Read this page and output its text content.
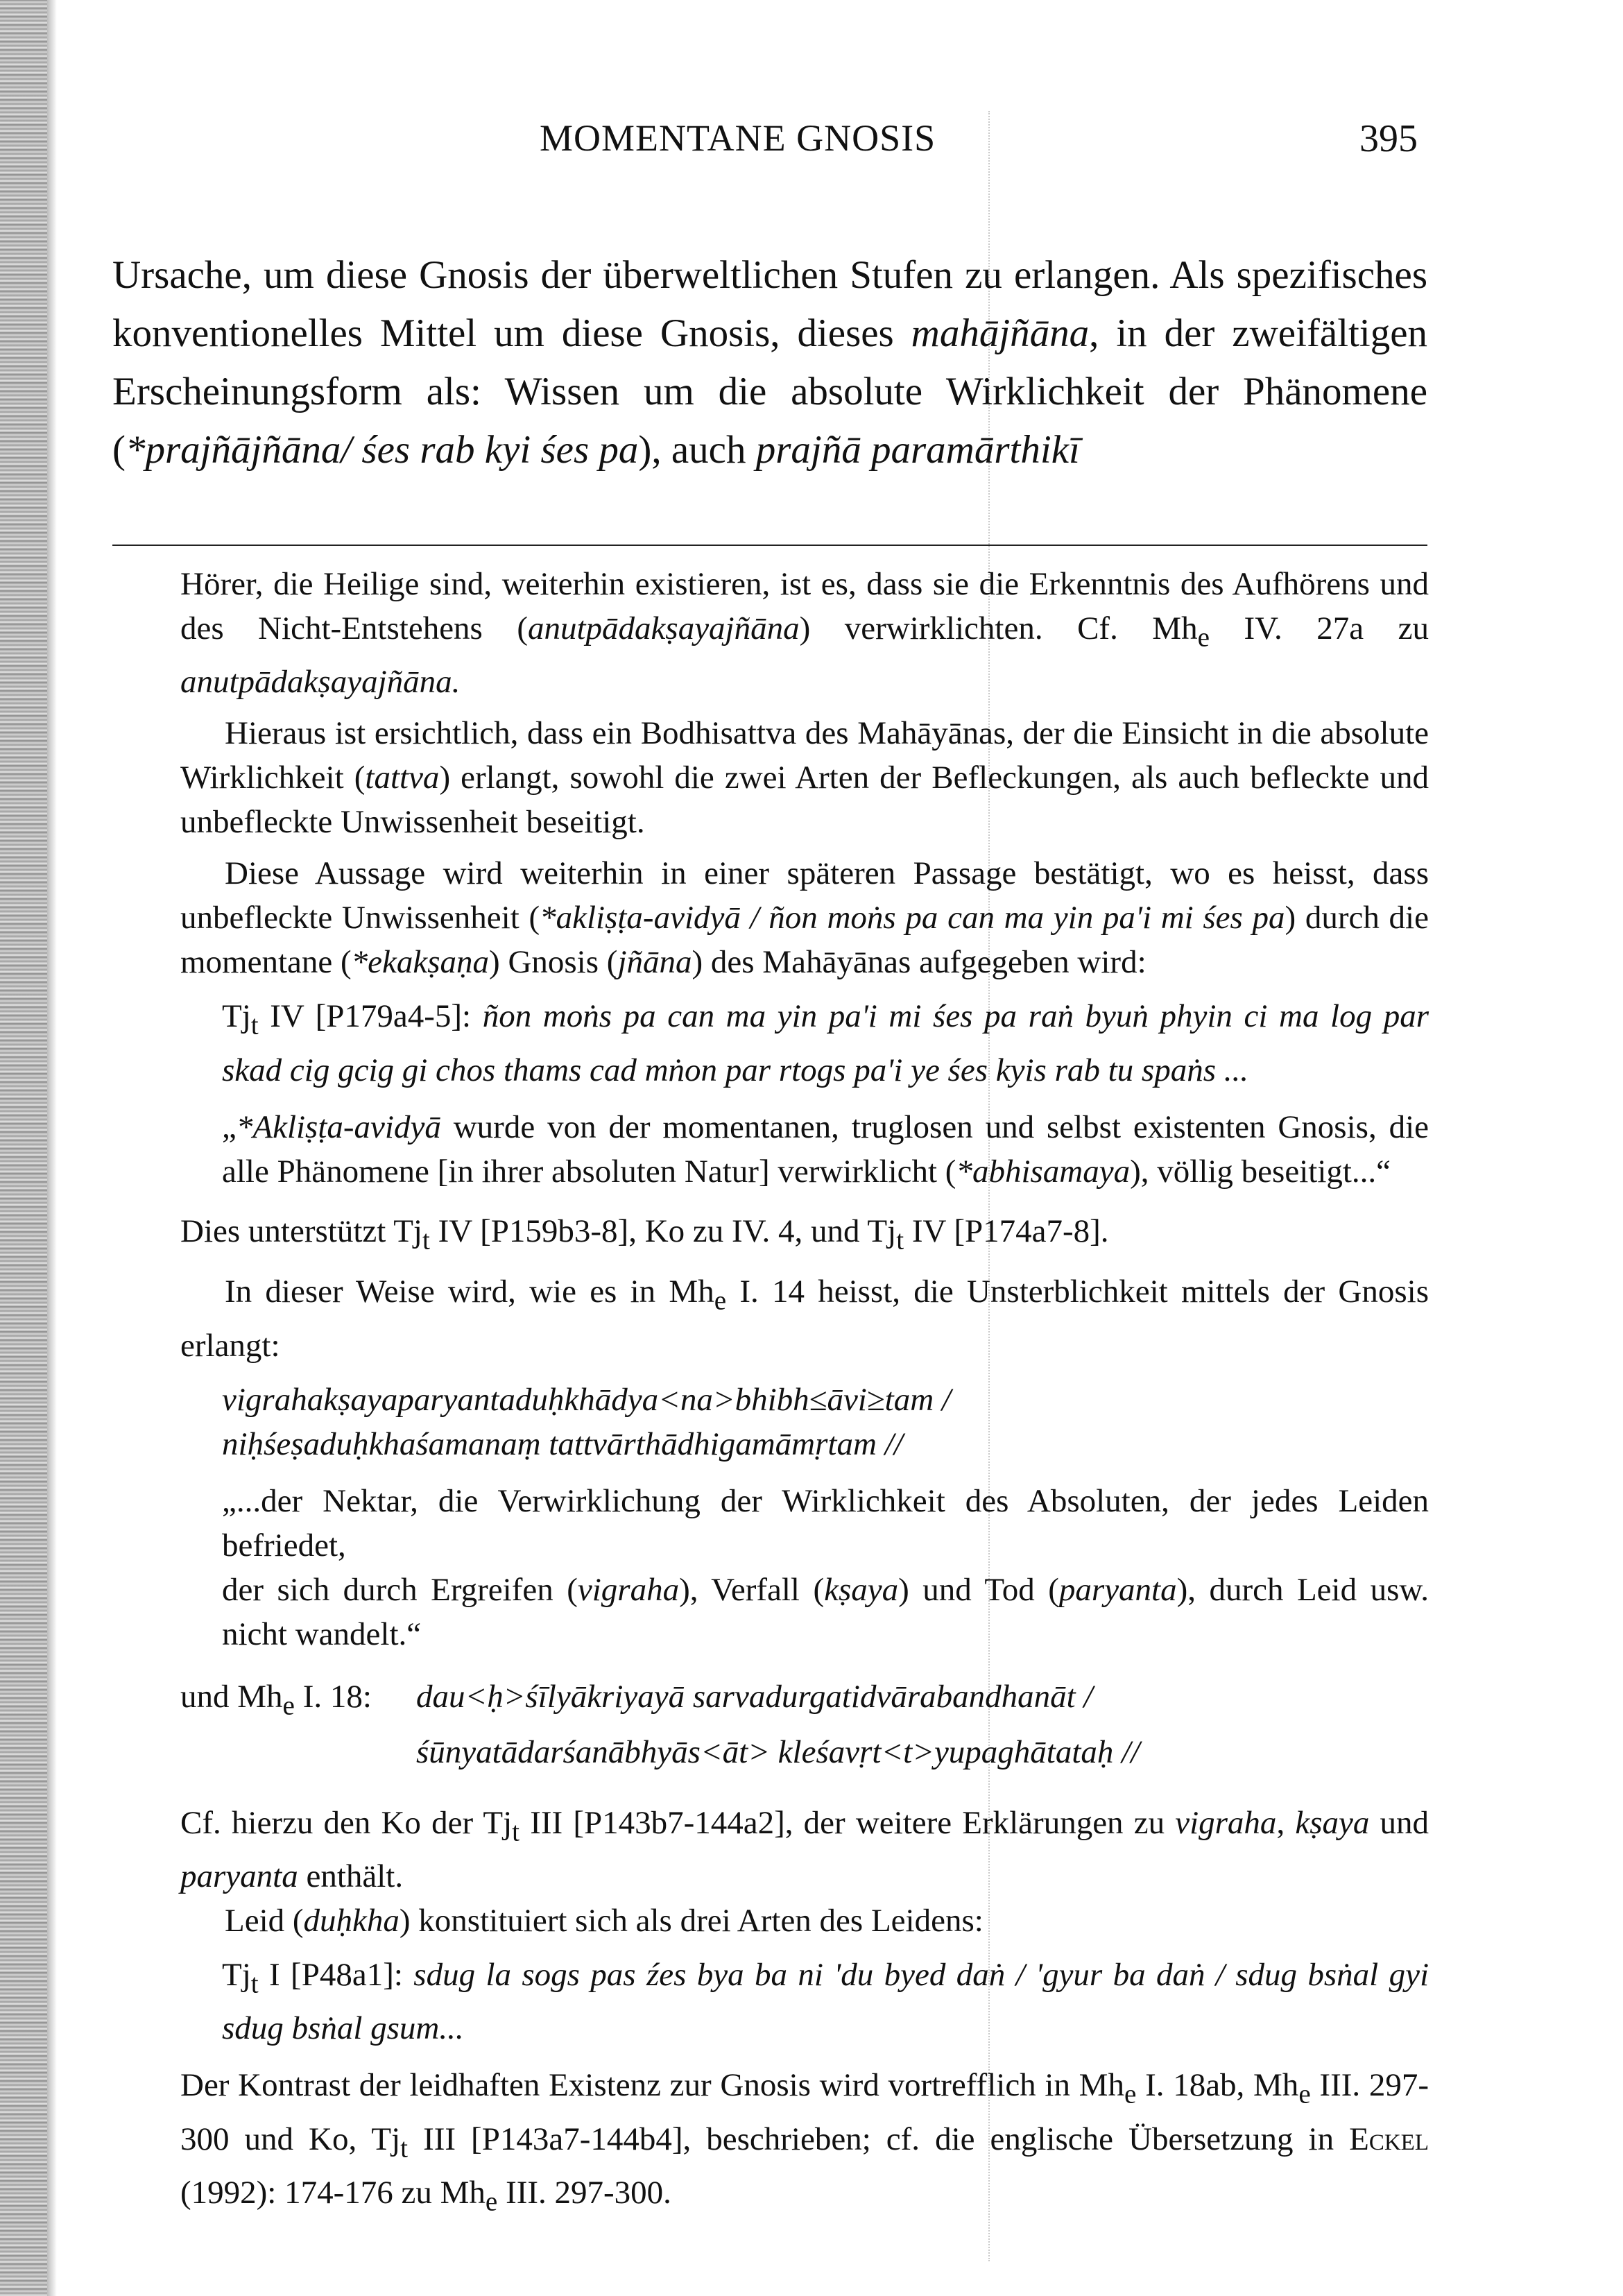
MOMENTANE GNOSIS	395

Ursache, um diese Gnosis der überweltlichen Stufen zu erlangen. Als spezifisches konventionelles Mittel um diese Gnosis, dieses mahājñāna, in der zweifältigen Erscheinungsform als: Wissen um die absolute Wirklichkeit der Phänomene (*prajñājñāna/ śes rab kyi śes pa), auch prajñā paramārthikī

Hörer, die Heilige sind, weiterhin existieren, ist es, dass sie die Erkenntnis des Aufhörens und des Nicht-Entstehens (anutpādakṣayajñāna) verwirklichten. Cf. $Mh_e$ IV. 27a zu anutpādakṣayajñāna.

Hieraus ist ersichtlich, dass ein Bodhisattva des Mahāyānas, der die Einsicht in die absolute Wirklichkeit (tattva) erlangt, sowohl die zwei Arten der Befleckungen, als auch befleckte und unbefleckte Unwissenheit beseitigt.

Diese Aussage wird weiterhin in einer späteren Passage bestätigt, wo es heisst, dass unbefleckte Unwissenheit (*akliṣṭa-avidyā / ñon moṅs pa can ma yin pa'i mi śes pa) durch die momentane (*ekakṣaṇa) Gnosis (jñāna) des Mahāyānas aufgegeben wird:

$Tj_t$ IV [P179a4-5]: ñon moṅs pa can ma yin pa'i mi śes pa raṅ byuṅ phyin ci ma log par skad cig gcig gi chos thams cad mṅon par rtogs pa'i ye śes kyis rab tu spaṅs ...

„*Akliṣṭa-avidyā wurde von der momentanen, truglosen und selbst existenten Gnosis, die alle Phänomene [in ihrer absoluten Natur] verwirklicht (*abhisamaya), völlig beseitigt...“

Dies unterstützt $Tj_t$ IV [P159b3-8], Ko zu IV. 4, und $Tj_t$ IV [P174a7-8].

In dieser Weise wird, wie es in $Mh_e$ I. 14 heisst, die Unsterblichkeit mittels der Gnosis erlangt:

vigrahakṣayaparyantaduḥkhādya<na>bhibh≤āvi≥tam /
niḥśeṣaduḥkhaśamanaṃ tattvārthādhigamāmṛtam //

„...der Nektar, die Verwirklichung der Wirklichkeit des Absoluten, der jedes Leiden befriedet,

der sich durch Ergreifen (vigraha), Verfall (kṣaya) und Tod (paryanta), durch Leid usw. nicht wandelt.“

und $Mh_e$ I. 18:	dau<ḥ>śīlyākriyayā sarvadurgatidvārabandhanāt /
śūnyatādarśanābhyās<āt> kleśavṛt<t>yupaghātataḥ //

Cf. hierzu den Ko der $Tj_t$ III [P143b7-144a2], der weitere Erklärungen zu vigraha, kṣaya und paryanta enthält.

Leid (duḥkha) konstituiert sich als drei Arten des Leidens:

$Tj_t$ I [P48a1]: sdug la sogs pas źes bya ba ni 'du byed daṅ / 'gyur ba daṅ / sdug bsṅal gyi sdug bsṅal gsum...

Der Kontrast der leidhaften Existenz zur Gnosis wird vortrefflich in $Mh_e$ I. 18ab, $Mh_e$ III. 297-300 und Ko, $Tj_t$ III [P143a7-144b4], beschrieben; cf. die englische Übersetzung in Eckel (1992): 174-176 zu $Mh_e$ III. 297-300.
